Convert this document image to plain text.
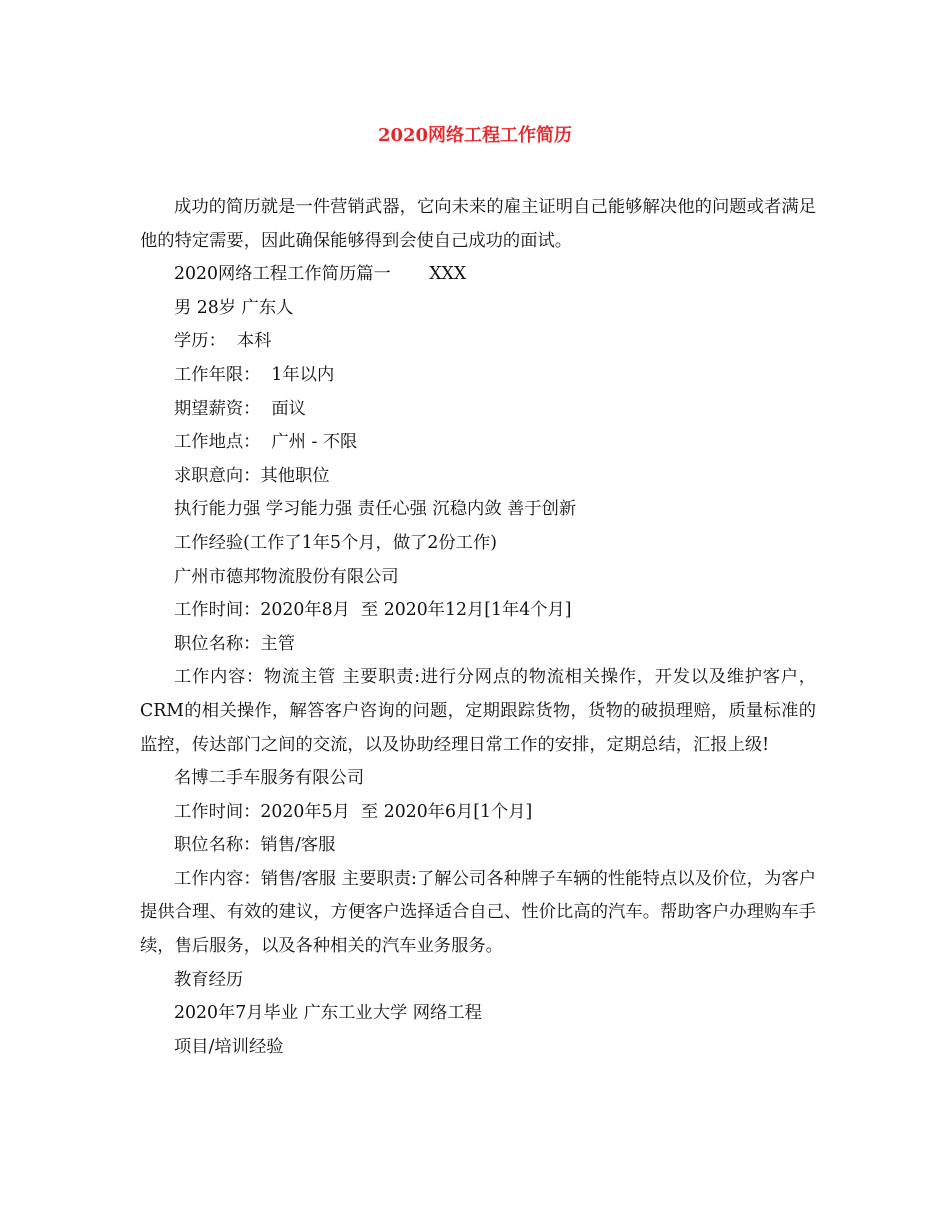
2020网络工程工作简历

成功的简历就是一件营销武器，它向未来的雇主证明自己能够解决他的问题或者满足他的特定需要，因此确保能够得到会使自己成功的面试。

2020网络工程工作简历篇一       XXX

男 28岁 广东人

学历：  本科

工作年限：  1年以内

期望薪资：  面议

工作地点：  广州 - 不限

求职意向：其他职位

执行能力强 学习能力强 责任心强 沉稳内敛 善于创新

工作经验(工作了1年5个月，做了2份工作)

广州市德邦物流股份有限公司

工作时间：2020年8月  至 2020年12月[1年4个月]

职位名称：主管

工作内容：物流主管 主要职责:进行分网点的物流相关操作，开发以及维护客户，CRM的相关操作，解答客户咨询的问题，定期跟踪货物，货物的破损理赔，质量标准的监控，传达部门之间的交流，以及协助经理日常工作的安排，定期总结，汇报上级!

名博二手车服务有限公司

工作时间：2020年5月  至 2020年6月[1个月]

职位名称：销售/客服

工作内容：销售/客服 主要职责:了解公司各种牌子车辆的性能特点以及价位，为客户提供合理、有效的建议，方便客户选择适合自己、性价比高的汽车。帮助客户办理购车手续，售后服务，以及各种相关的汽车业务服务。

教育经历

2020年7月毕业 广东工业大学 网络工程

项目/培训经验
